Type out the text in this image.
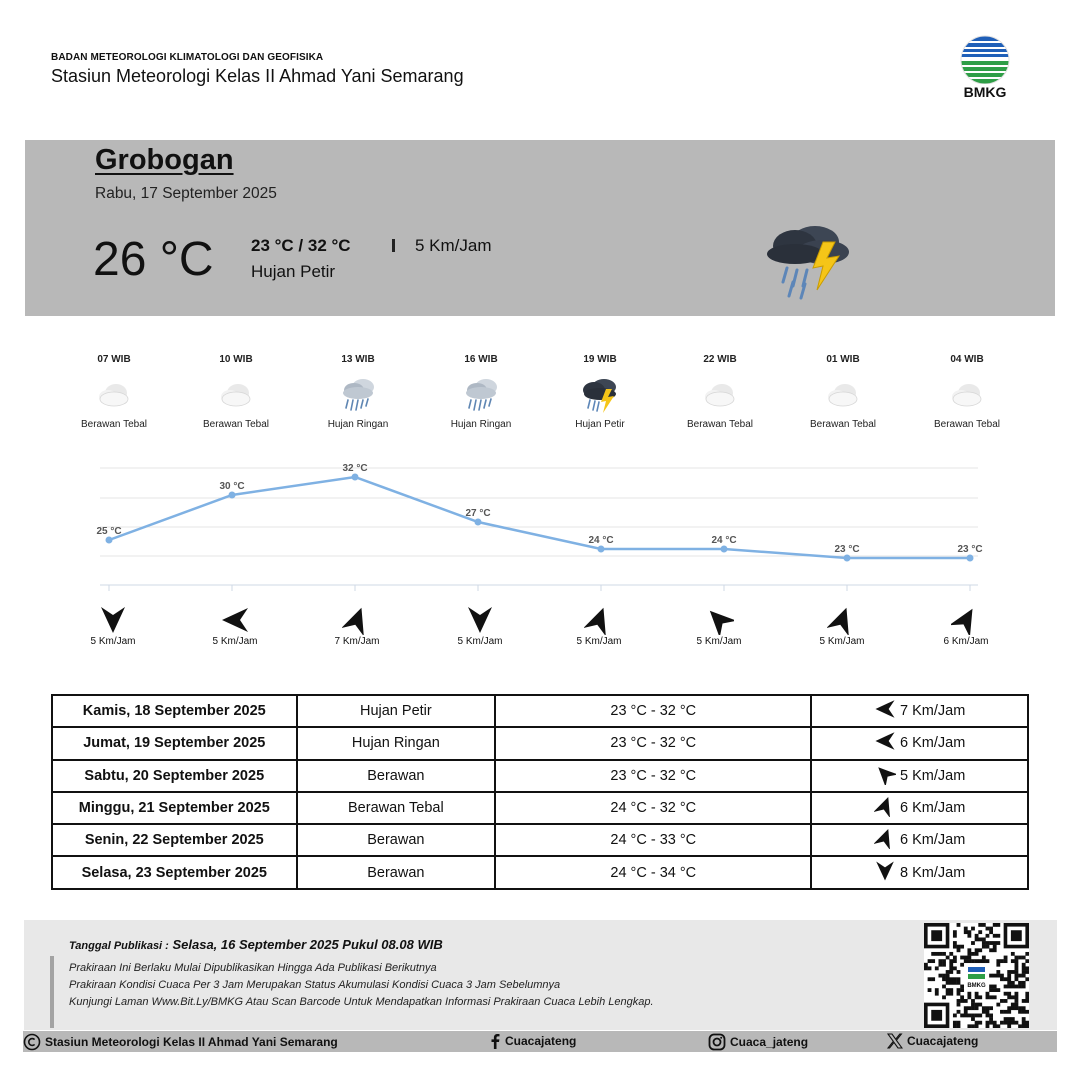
BADAN METEOROLOGI KLIMATOLOGI DAN GEOFISIKA
Stasiun Meteorologi Kelas II Ahmad Yani Semarang
BMKG
Grobogan
Rabu, 17 September 2025
26 °C 23 °C / 32 °C	5 Km/Jam
Hujan Petir
07 WIB
Berawan Tebal
10 WIB
Berawan Tebal
13 WIB
Hujan Ringan
16 WIB
Hujan Ringan
19 WIB
Hujan Petir
22 WIB
Berawan Tebal
01 WIB
Berawan Tebal
04 WIB
Berawan Tebal
25 °C
30 °C
32 °C
27 °C
24 °C	24 °C
23 °C	23 °C
5 Km/Jam	5 Km/Jam	7 Km/Jam	5 Km/Jam	5 Km/Jam	5 Km/Jam	5 Km/Jam	6 Km/Jam
Kamis, 18 September 2025	Hujan Petir	23 °C - 32 °C	7 Km/Jam

Jumat, 19 September 2025	Hujan Ringan	23 °C - 32 °C	6 Km/Jam

Sabtu, 20 September 2025	Berawan	23 °C - 32 °C	5 Km/Jam

Minggu, 21 September 2025	Berawan Tebal	24 °C - 32 °C	6 Km/Jam

Senin, 22 September 2025	Berawan	24 °C - 33 °C	6 Km/Jam

Selasa, 23 September 2025	Berawan	24 °C - 34 °C	8 Km/Jam
Tanggal Publikasi : Selasa, 16 September 2025 Pukul 08.08 WIB
Prakiraan Ini Berlaku Mulai Dipublikasikan Hingga Ada Publikasi Berikutnya
Prakiraan Kondisi Cuaca Per 3 Jam Merupakan Status Akumulasi Kondisi Cuaca 3 Jam Sebelumnya
Kunjungi Laman Www.Bit.Ly/BMKG Atau Scan Barcode Untuk Mendapatkan Informasi Prakiraan Cuaca Lebih Lengkap.
BMKG
Stasiun Meteorologi Kelas II Ahmad Yani Semarang	Cuacajateng	Cuaca_jateng	Cuacajateng
